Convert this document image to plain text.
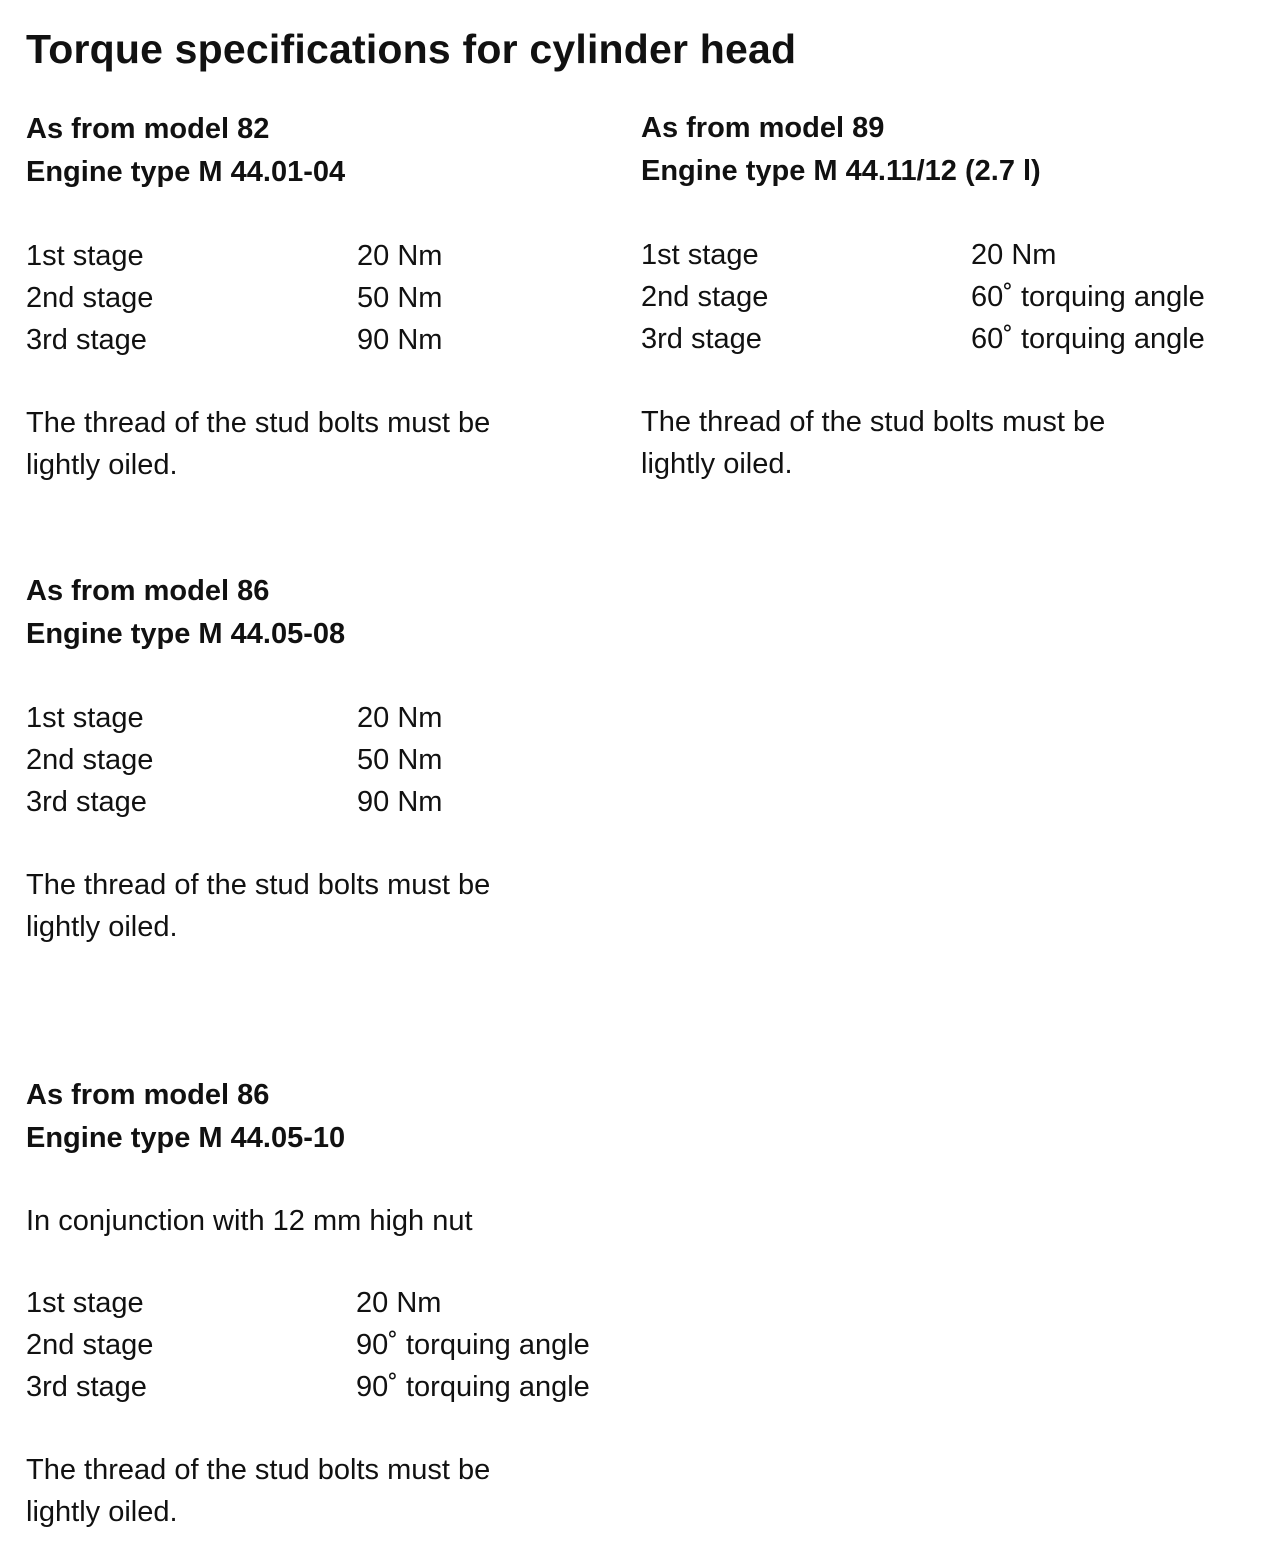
Torque specifications for cylinder head
As from model 82
Engine type M 44.01-04
1st stage	20 Nm
2nd stage	50 Nm
3rd stage	90 Nm
The thread of the stud bolts must be
lightly oiled.
As from model 89
Engine type M 44.11/12 (2.7 l)
1st stage	20 Nm
2nd stage	60˚ torquing angle
3rd stage	60˚ torquing angle
The thread of the stud bolts must be
lightly oiled.
As from model 86
Engine type M 44.05-08
1st stage	20 Nm
2nd stage	50 Nm
3rd stage	90 Nm
The thread of the stud bolts must be
lightly oiled.
As from model 86
Engine type M 44.05-10
In conjunction with 12 mm high nut
1st stage	20 Nm
2nd stage	90˚ torquing angle
3rd stage	90˚ torquing angle
The thread of the stud bolts must be
lightly oiled.
